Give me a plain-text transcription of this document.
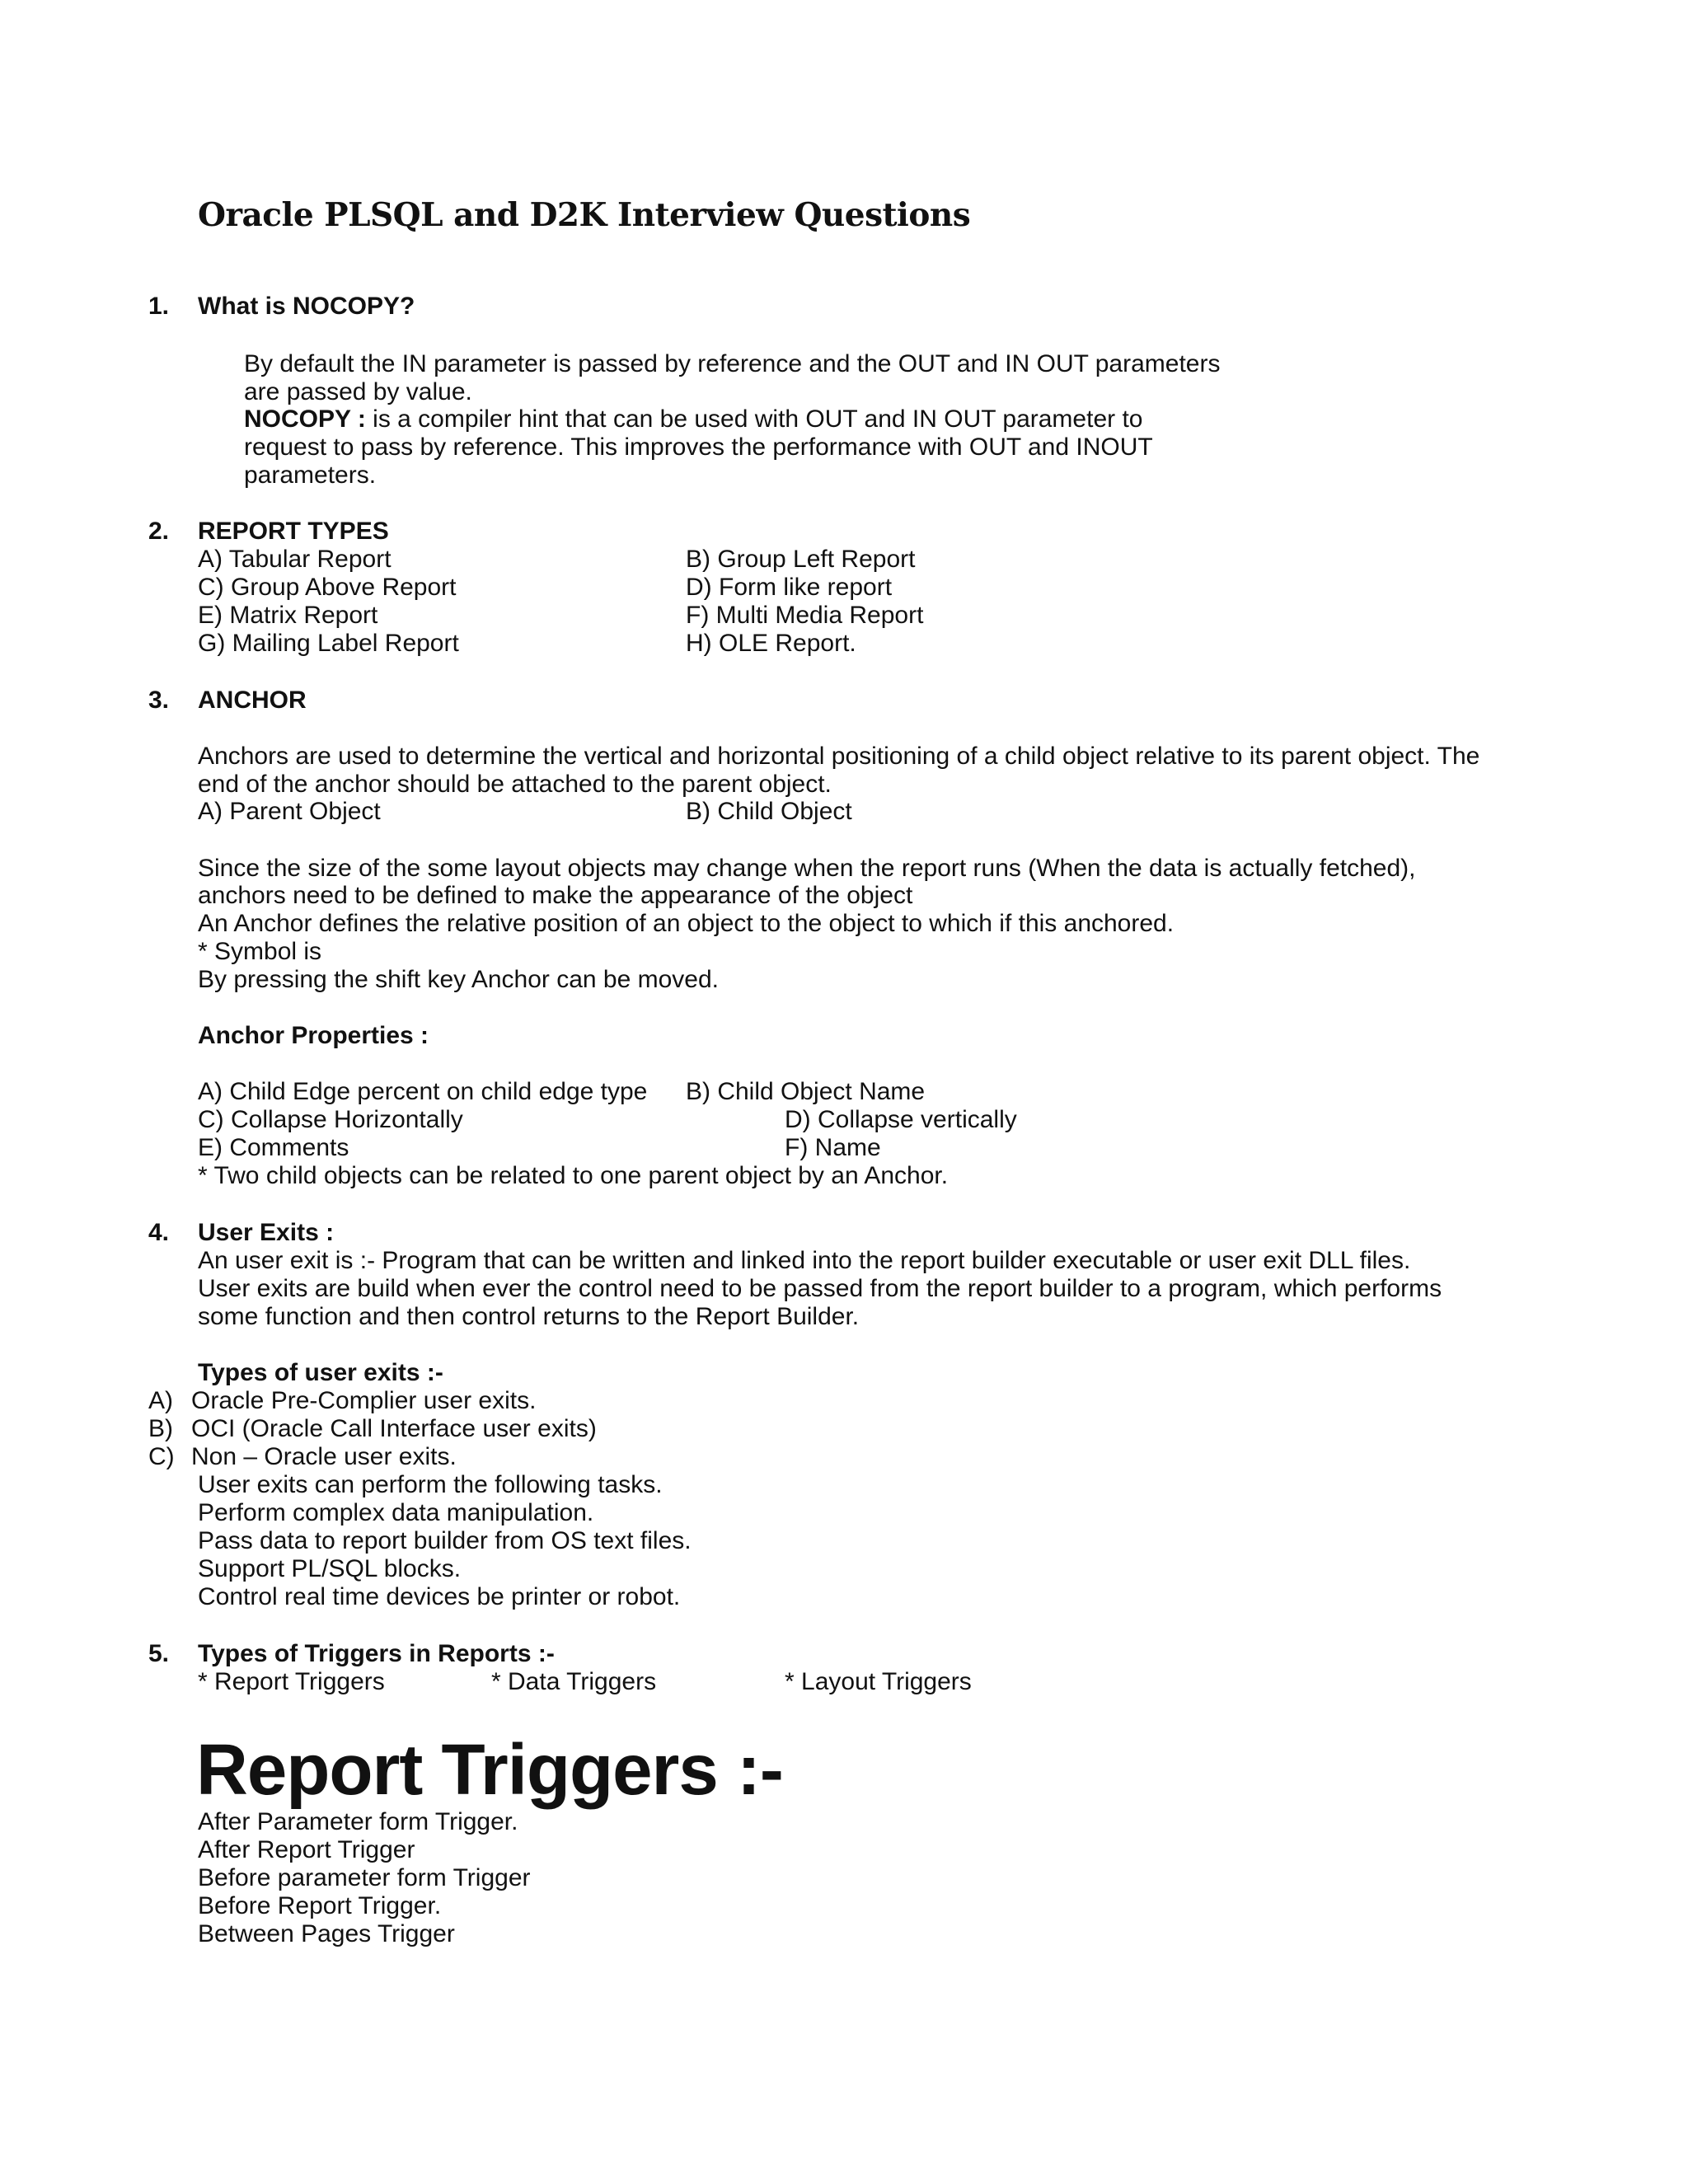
Oracle PLSQL and D2K Interview Questions
1. What is NOCOPY?
By default the IN parameter is passed by reference and the OUT and IN OUT parameters
are passed by value.
NOCOPY : is a compiler hint that can be used with OUT and IN OUT parameter to
request to pass by reference. This improves the performance with OUT and INOUT
parameters.
2. REPORT TYPES
A) Tabular Report	B) Group Left Report
C) Group Above Report	D) Form like report
E) Matrix Report	F) Multi Media Report
G) Mailing Label Report	H) OLE Report.
3. ANCHOR
Anchors are used to determine the vertical and horizontal positioning of a child object relative to its parent object. The
end of the anchor should be attached to the parent object.
A) Parent Object	B) Child Object
Since the size of the some layout objects may change when the report runs (When the data is actually fetched),
anchors need to be defined to make the appearance of the object
An Anchor defines the relative position of an object to the object to which if this anchored.
* Symbol is
By pressing the shift key Anchor can be moved.
Anchor Properties :
A) Child Edge percent on child edge type B) Child Object Name
C) Collapse Horizontally	D) Collapse vertically
E) Comments	F) Name
* Two child objects can be related to one parent object by an Anchor.
4. User Exits :
An user exit is :- Program that can be written and linked into the report builder executable or user exit DLL files.
User exits are build when ever the control need to be passed from the report builder to a program, which performs
some function and then control returns to the Report Builder.
Types of user exits :-
A) Oracle Pre-Complier user exits.
B) OCI (Oracle Call Interface user exits)
C) Non – Oracle user exits.
User exits can perform the following tasks.
Perform complex data manipulation.
Pass data to report builder from OS text files.
Support PL/SQL blocks.
Control real time devices be printer or robot.
5. Types of Triggers in Reports :-
* Report Triggers	* Data Triggers	* Layout Triggers
Report Triggers :-
After Parameter form Trigger.
After Report Trigger
Before parameter form Trigger
Before Report Trigger.
Between Pages Trigger
